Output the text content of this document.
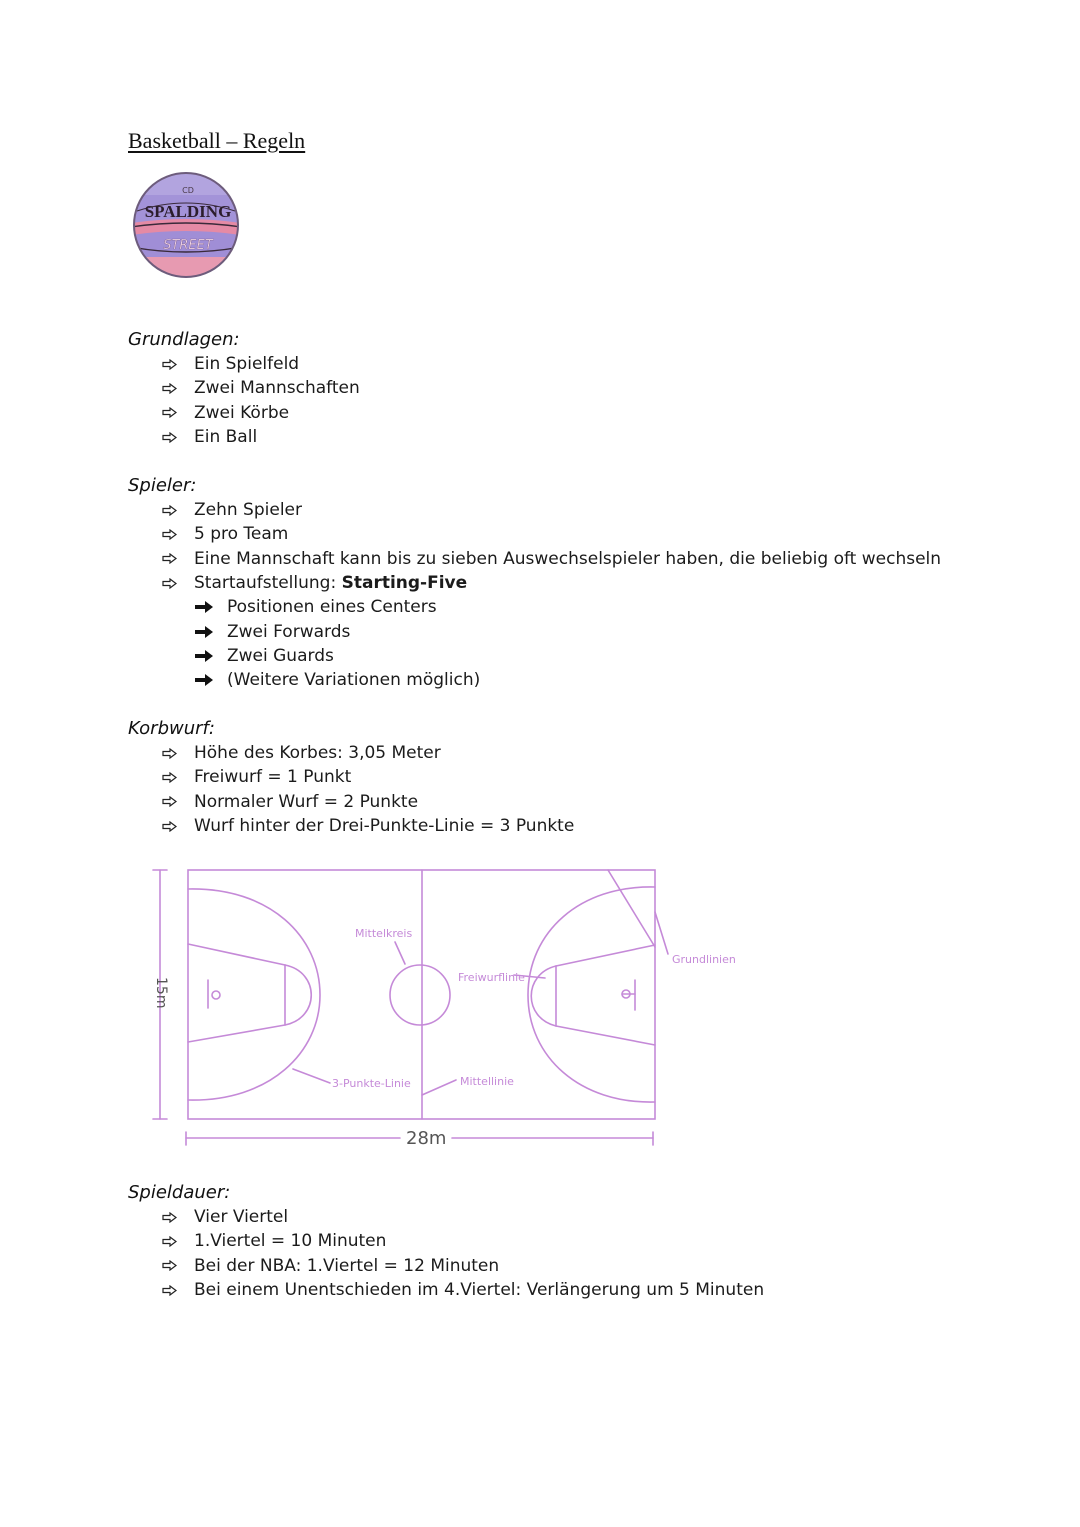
Basketball – Regeln
SPALDING
STREET
CD
Grundlagen:
Ein Spielfeld
Zwei Mannschaften
Zwei Körbe
Ein Ball
Spieler:
Zehn Spieler
5 pro Team
Eine Mannschaft kann bis zu sieben Auswechselspieler haben, die beliebig oft wechseln
Startaufstellung: Starting-Five
Positionen eines Centers
Zwei Forwards
Zwei Guards
(Weitere Variationen möglich)
Korbwurf:
Höhe des Korbes: 3,05 Meter
Freiwurf = 1 Punkt
Normaler Wurf = 2 Punkte
Wurf hinter der Drei-Punkte-Linie = 3 Punkte
Mittelkreis
Freiwurflinie
Grundlinien
3-Punkte-Linie	Mittellinie
28m
15m
Spieldauer:
Vier Viertel
1.Viertel = 10 Minuten
Bei der NBA: 1.Viertel = 12 Minuten
Bei einem Unentschieden im 4.Viertel: Verlängerung um 5 Minuten
